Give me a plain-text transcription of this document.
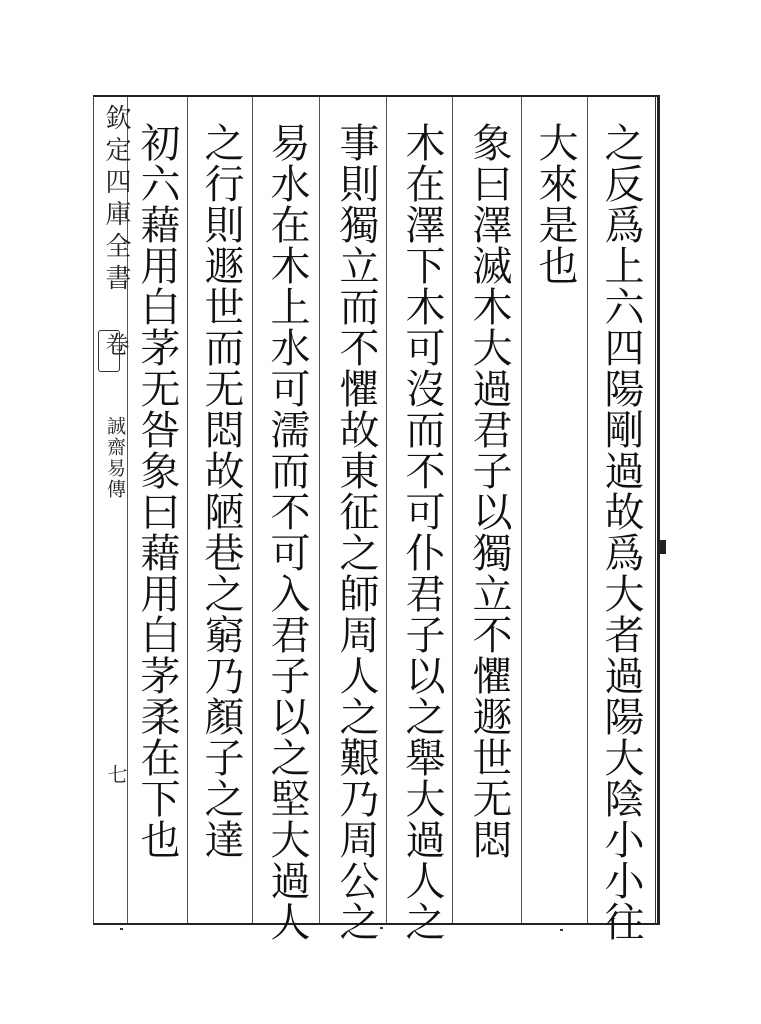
欽定四庫全書
卷
誠齋易傳
七	之反爲上六四陽剛過故爲大者過陽大陰小小往
大來是也
象曰澤滅木大過君子以獨立不懼遯世无悶
木在澤下木可沒而不可仆君子以之舉大過人之
事則獨立而不懼故東征之師周人之艱乃周公之
易水在木上水可濡而不可入君子以之堅大過人
之行則遯世而无悶故陋巷之窮乃顏子之達
初六藉用白茅无咎象曰藉用白茅柔在下也
